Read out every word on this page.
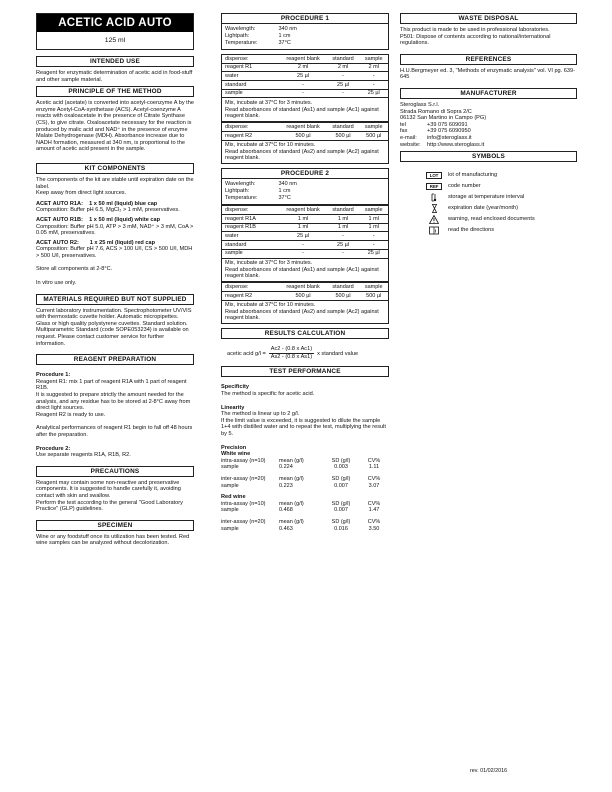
ACETIC ACID AUTO
125 ml
INTENDED USE

Reagent for enzymatic determination of acetic acid in food-stuff and other sample material.

PRINCIPLE OF THE METHOD

Acetic acid (acetate) is converted into acetyl-coenzyme A by the enzyme Acetyl-CoA-synthetase (ACS). Acetyl-coenzyme A reacts with oxaloacetate in the presence of Citrate Synthase (CS), to give citrate. Oxaloacetate necessary for the reaction is produced by malic acid and NAD⁺ in the presence of enzyme Malate Dehydrogenase (MDH). Absorbance increase due to NADH formation, measured at 340 nm, is proportional to the amount of acetic acid present in the sample.

KIT COMPONENTS

The components of the kit are stable until expiration date on the label.
Keep away from direct light sources.

ACET AUTO R1A:    1 x 50 ml (liquid) blue cap
Composition: Buffer pH 6.5, MgCl₂ > 1 mM, preservatives.

ACET AUTO R1B:    1 x 50 ml (liquid) white cap
Composition: Buffer pH 5.0, ATP > 3 mM, NAD⁺ > 3 mM, CoA > 0.05 mM, preservatives.

ACET AUTO R2:       1 x 25 ml (liquid) red cap
Composition: Buffer pH 7.6, ACS > 100 U/l, CS > 500 U/l, MDH > 500 U/l, preservatives.

Store all components at 2-8°C.

In vitro use only.

MATERIALS REQUIRED BUT NOT SUPPLIED

Current laboratory instrumentation. Spectrophotometer UV/VIS with thermostatic cuvette holder. Automatic micropipettes. Glass or high quality polystyrene cuvettes. Standard solution.

Multiparametric Standard (code SOPE053234) is available on request. Please contact customer service for further information.

REAGENT PREPARATION

Procedure 1:
Reagent R1: mix 1 part of reagent R1A with 1 part of reagent R1B.

It is suggested to prepare strictly the amount needed for the analysis, and any residue has to be stored at 2-8°C away from direct light sources.

Reagent R2 is ready to use.

Analytical performances of reagent R1 begin to fall off 48 hours after the preparation.

Procedure 2:
Use separate reagents R1A, R1B, R2.

PRECAUTIONS

Reagent may contain some non-reactive and preservative components. It is suggested to handle carefully it, avoiding contact with skin and swallow.

Perform the test according to the general "Good Laboratory Practice" (GLP) guidelines.

SPECIMEN

Wine or any foodstuff once its utilization has been tested. Red wine samples can be analyzed without decolorization.

PROCEDURE 1
Wavelength:	340 nm
Lightpath:	1 cm
Temperature:	37°C
dispense:	reagent blank	standard	sample
reagent R1	2 ml	2 ml	2 ml
water	25 µl	-	-
standard	-	25 µl	-
sample	-	-	25 µl
Mix, incubate at 37°C for 3 minutes.
Read absorbances of standard (As1) and sample (Ac1) against reagent blank.
dispense:	reagent blank	standard	sample
reagent R2	500 µl	500 µl	500 µl
Mix, incubate at 37°C for 10 minutes.
Read absorbances of standard (As2) and sample (Ac2) against reagent blank.
PROCEDURE 2
Wavelength:	340 nm
Lightpath:	1 cm
Temperature:	37°C
dispense:	reagent blank	standard	sample
reagent R1A	1 ml	1 ml	1 ml
reagent R1B	1 ml	1 ml	1 ml
water	25 µl	-	-
standard	-	25 µl	-
sample	-	-	25 µl
Mix, incubate at 37°C for 3 minutes.
Read absorbances of standard (As1) and sample (Ac1) against reagent blank.
dispense:	reagent blank	standard	sample
reagent R2	500 µl	500 µl	500 µl
Mix, incubate at 37°C for 10 minutes.
Read absorbances of standard (As2) and sample (Ac2) against reagent blank.
RESULTS CALCULATION
acetic acid $g/l = \frac{\text{Ac2 - (0.8 x Ac1)}}{\text{As2 - (0.8 x As1)}}$ x standard value
TEST PERFORMANCE

Specificity
The method is specific for acetic acid.

Linearity
The method is linear up to 2 g/l.
If the limit value is exceeded, it is suggested to dilute the sample 1+4 with distilled water and to repeat the test, multiplying the result by 5.

Precision
White wine
intra-assay (n=10)	mean (g/l)	SD (g/l)	CV%
sample	0.224	0.003	1.11
inter-assay (n=20)	mean (g/l)	SD (g/l)	CV%
sample	0.223	0.007	3.07
Red wine
intra-assay (n=10)	mean (g/l)	SD (g/l)	CV%
sample	0.468	0.007	1.47
inter-assay (n=20)	mean (g/l)	SD (g/l)	CV%
sample	0.463	0.016	3.50
WASTE DISPOSAL

This product is made to be used in professional laboratories.

P501: Dispose of contents according to national/international regulations.

REFERENCES

H.U.Bergmeyer ed. 3, "Methods of enzymatic analysis" vol. VI pg. 639-645

MANUFACTURER
Steroglass S.r.l.
Strada Romano di Sopra 2/C
06132 San Martino in Campo (PG)
tel	+39 075 609091
fax	+39 075 6090950
e-mail:	info@steroglass.it
website:	http://www.steroglass.it
SYMBOLS
LOT	lot of manufacturing
REF	code number
storage at temperature interval
expiration date (year/month)
warning, read enclosed documents
i read the directions
rev. 01/02/2016
